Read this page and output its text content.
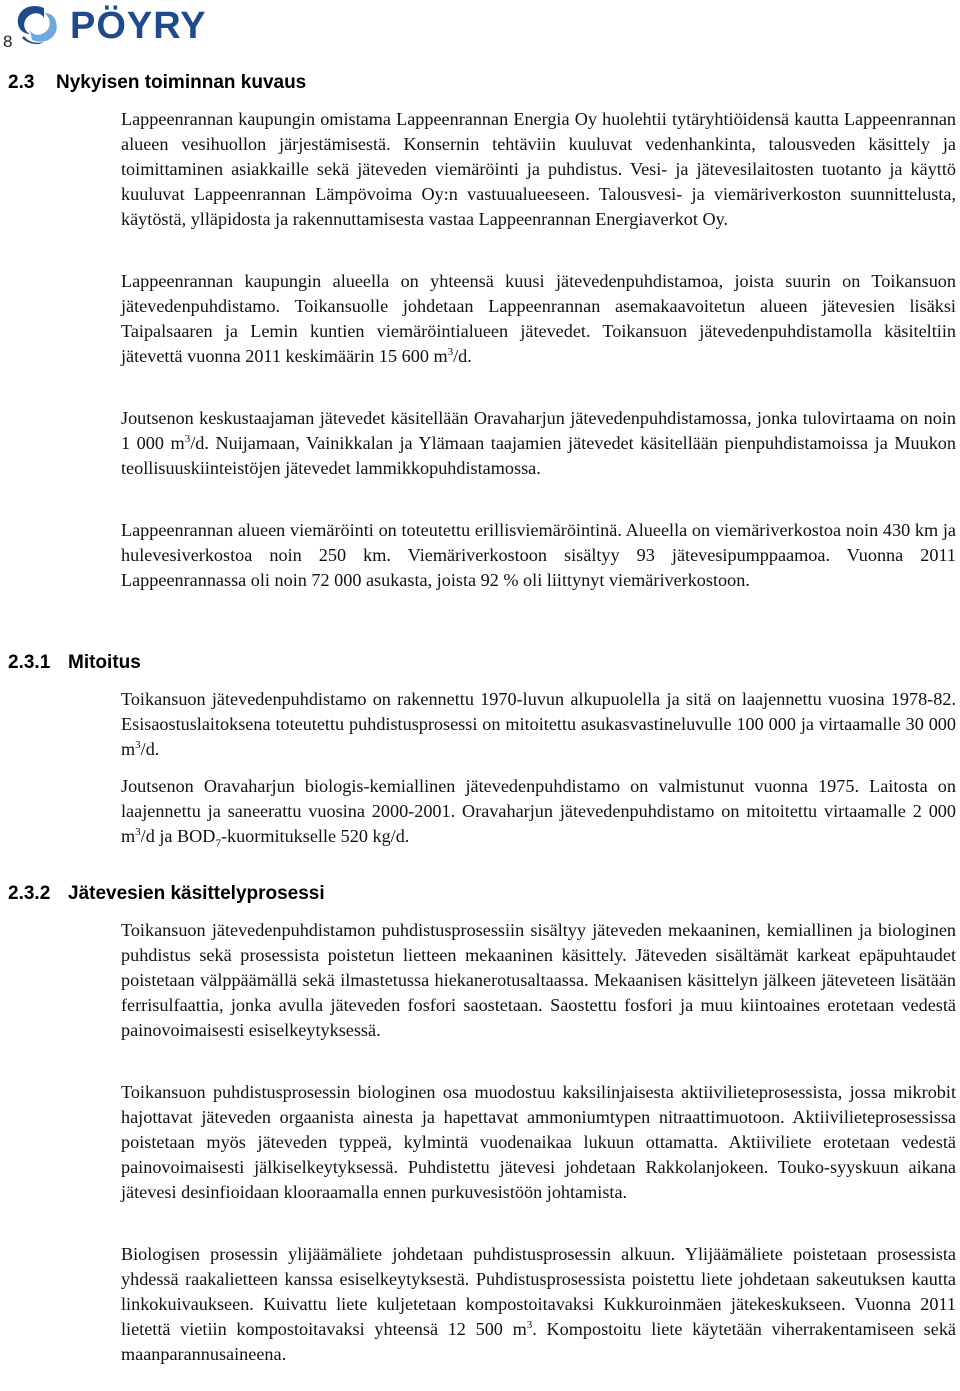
8 PÖYRY
2.3 Nykyisen toiminnan kuvaus

Lappeenrannan kaupungin omistama Lappeenrannan Energia Oy huolehtii tytäryhtiöidensä kautta Lappeenrannan alueen vesihuollon järjestämisestä. Konsernin tehtäviin kuuluvat vedenhankinta, talousveden käsittely ja toimittaminen asiakkaille sekä jäteveden viemäröinti ja puhdistus. Vesi- ja jätevesilaitosten tuotanto ja käyttö kuuluvat Lappeenrannan Lämpövoima Oy:n vastuualueeseen. Talousvesi- ja viemäriverkoston suunnittelusta, käytöstä, ylläpidosta ja rakennuttamisesta vastaa Lappeenrannan Energiaverkot Oy.

Lappeenrannan kaupungin alueella on yhteensä kuusi jätevedenpuhdistamoa, joista suurin on Toikansuon jätevedenpuhdistamo. Toikansuolle johdetaan Lappeenrannan asemakaavoitetun alueen jätevesien lisäksi Taipalsaaren ja Lemin kuntien viemäröintialueen jätevedet. Toikansuon jätevedenpuhdistamolla käsiteltiin jätevettä vuonna 2011 keskimäärin 15 600 $m^3/d$.

Joutsenon keskustaajaman jätevedet käsitellään Oravaharjun jätevedenpuhdistamossa, jonka tulovirtaama on noin 1 000 $m^3/d$. Nuijamaan, Vainikkalan ja Ylämaan taajamien jätevedet käsitellään pienpuhdistamoissa ja Muukon teollisuuskiinteistöjen jätevedet lammikkopuhdistamossa.

Lappeenrannan alueen viemäröinti on toteutettu erillisviemäröintinä. Alueella on viemäriverkostoa noin 430 km ja hulevesiverkostoa noin 250 km. Viemäriverkostoon sisältyy 93 jätevesipumppaamoa. Vuonna 2011 Lappeenrannassa oli noin 72 000 asukasta, joista 92 % oli liittynyt viemäriverkostoon.

2.3.1 Mitoitus

Toikansuon jätevedenpuhdistamo on rakennettu 1970-luvun alkupuolella ja sitä on laajennettu vuosina 1978-82. Esisaostuslaitoksena toteutettu puhdistusprosessi on mitoitettu asukasvastineluvulle 100 000 ja virtaamalle 30 000 $m^3/d$.

Joutsenon Oravaharjun biologis-kemiallinen jätevedenpuhdistamo on valmistunut vuonna 1975. Laitosta on laajennettu ja saneerattu vuosina 2000-2001. Oravaharjun jätevedenpuhdistamo on mitoitettu virtaamalle 2 000 $m^3/d$ ja $BOD_7$-kuormitukselle 520 kg/d.

2.3.2 Jätevesien käsittelyprosessi

Toikansuon jätevedenpuhdistamon puhdistusprosessiin sisältyy jäteveden mekaaninen, kemiallinen ja biologinen puhdistus sekä prosessista poistetun lietteen mekaaninen käsittely. Jäteveden sisältämät karkeat epäpuhtaudet poistetaan välppäämällä sekä ilmastetussa hiekanerotusaltaassa. Mekaanisen käsittelyn jälkeen jäteveteen lisätään ferrisulfaattia, jonka avulla jäteveden fosfori saostetaan. Saostettu fosfori ja muu kiintoaines erotetaan vedestä painovoimaisesti esiselkeytyksessä.

Toikansuon puhdistusprosessin biologinen osa muodostuu kaksilinjaisesta aktiivilieteprosessista, jossa mikrobit hajottavat jäteveden orgaanista ainesta ja hapettavat ammoniumtypen nitraattimuotoon. Aktiivilieteprosessissa poistetaan myös jäteveden typpeä, kylmintä vuodenaikaa lukuun ottamatta. Aktiiviliete erotetaan vedestä painovoimaisesti jälkiselkeytyksessä. Puhdistettu jätevesi johdetaan Rakkolanjokeen. Touko-syyskuun aikana jätevesi desinfioidaan klooraamalla ennen purkuvesistöön johtamista.

Biologisen prosessin ylijäämäliete johdetaan puhdistusprosessin alkuun. Ylijäämäliete poistetaan prosessista yhdessä raakalietteen kanssa esiselkeytyksestä. Puhdistusprosessista poistettu liete johdetaan sakeutuksen kautta linkokuivaukseen. Kuivattu liete kuljetetaan kompostoitavaksi Kukkuroinmäen jätekeskukseen. Vuonna 2011 lietettä vietiin kompostoitavaksi yhteensä 12 500 $m^3$. Kompostoitu liete käytetään viherrakentamiseen sekä maanparannusaineena.
